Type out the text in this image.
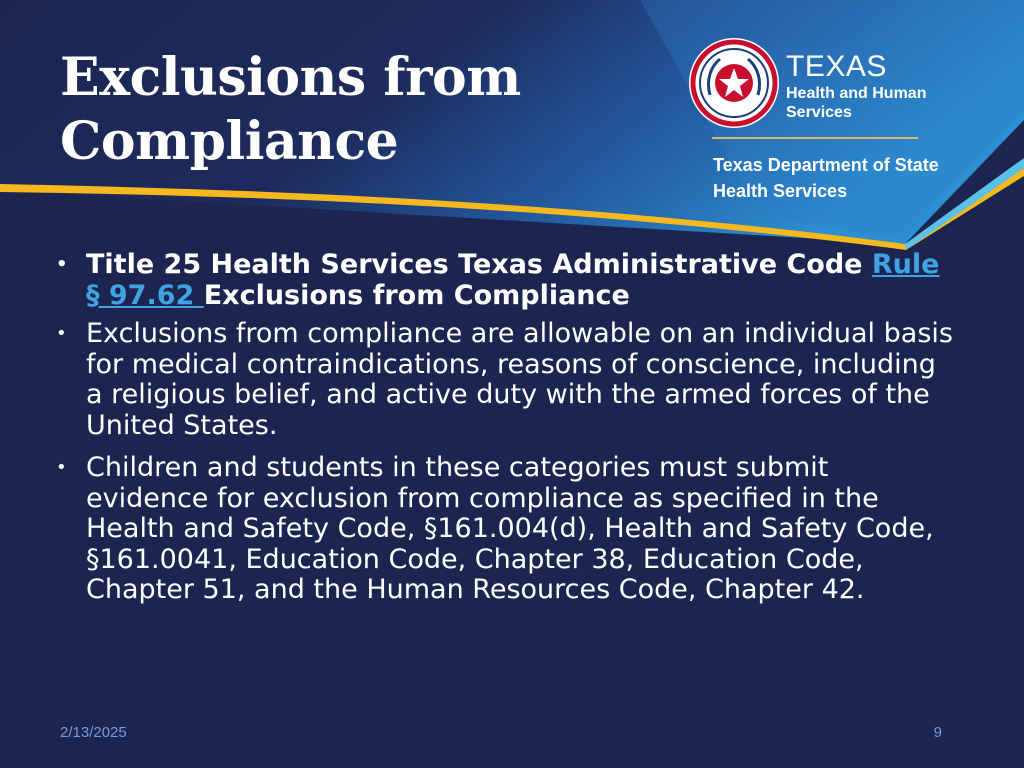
Exclusions from
Compliance
TEXAS
Health and Human
Services
Texas Department of State
Health Services
• Title 25 Health Services Texas Administrative Code Rule § 97.62 Exclusions from Compliance
• Exclusions from compliance are allowable on an individual basis for medical contraindications, reasons of conscience, including a religious belief, and active duty with the armed forces of the United States.
• Children and students in these categories must submit evidence for exclusion from compliance as specified in the Health and Safety Code, §161.004(d), Health and Safety Code, §161.0041, Education Code, Chapter 38, Education Code, Chapter 51, and the Human Resources Code, Chapter 42.
2/13/2025	9
